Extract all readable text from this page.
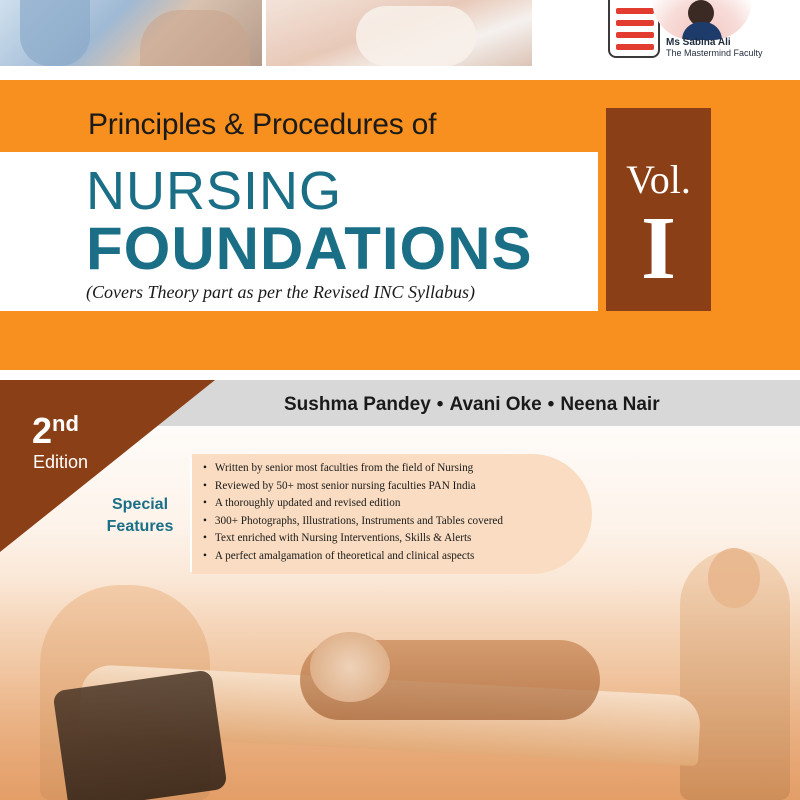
Ms Sabina Ali
The Mastermind Faculty
Principles & Procedures of
NURSING
FOUNDATIONS
(Covers Theory part as per the Revised INC Syllabus)
Vol.
I
Sushma Pandey • Avani Oke • Neena Nair
2nd
Edition
Special
Features
• Written by senior most faculties from the field of Nursing
• Reviewed by 50+ most senior nursing faculties PAN India
• A thoroughly updated and revised edition
• 300+ Photographs, Illustrations, Instruments and Tables covered
• Text enriched with Nursing Interventions, Skills & Alerts
• A perfect amalgamation of theoretical and clinical aspects
